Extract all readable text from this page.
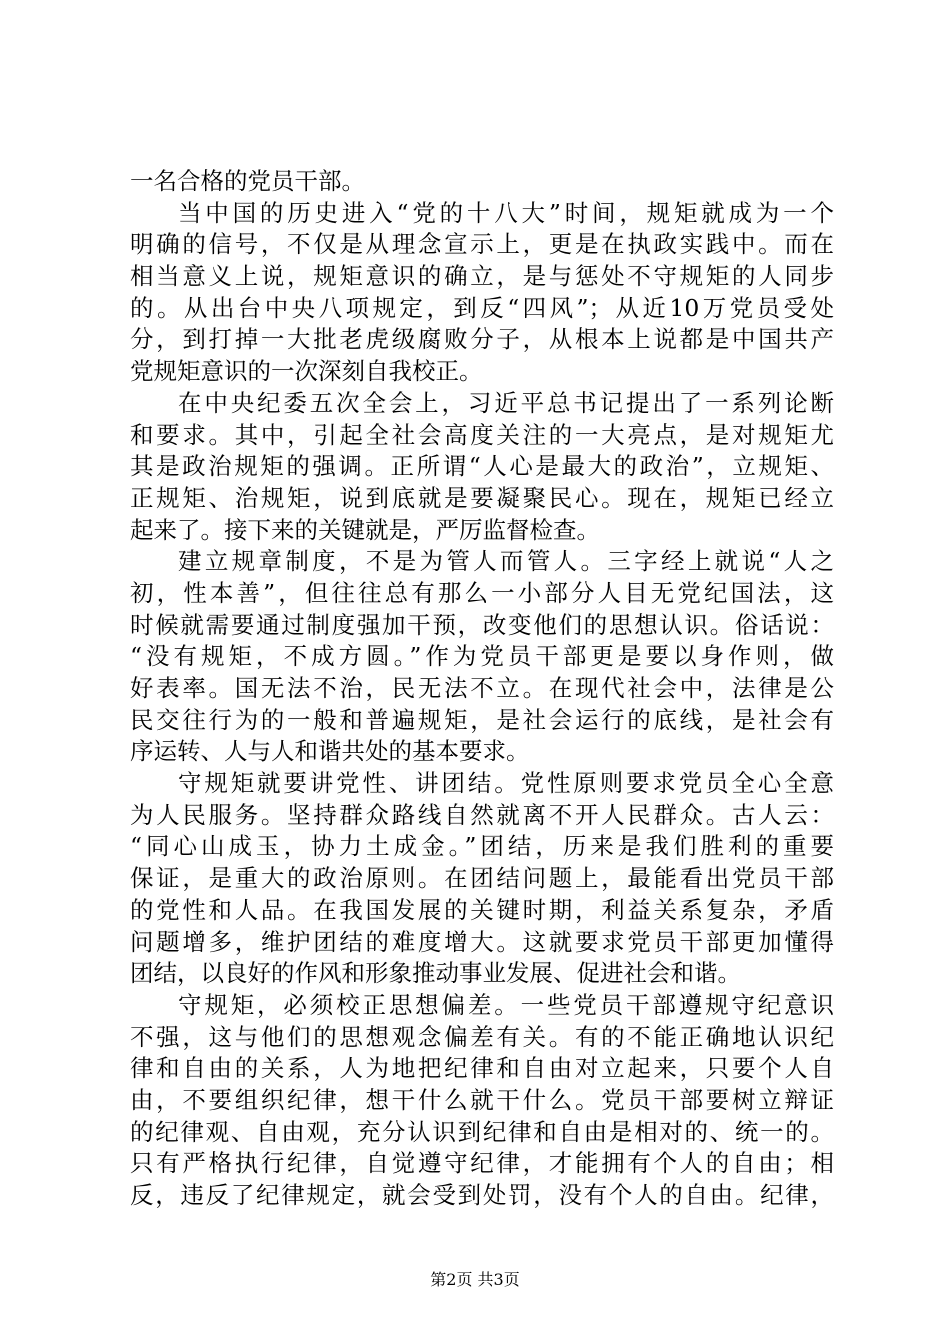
一名合格的党员干部。
当中国的历史进入“党的十八大”时间，规矩就成为一个
明确的信号，不仅是从理念宣示上，更是在执政实践中。而在
相当意义上说，规矩意识的确立，是与惩处不守规矩的人同步
的。从出台中央八项规定，到反“四风”；从近10万党员受处
分，到打掉一大批老虎级腐败分子，从根本上说都是中国共产
党规矩意识的一次深刻自我校正。
在中央纪委五次全会上，习近平总书记提出了一系列论断
和要求。其中，引起全社会高度关注的一大亮点，是对规矩尤
其是政治规矩的强调。正所谓“人心是最大的政治”，立规矩、
正规矩、治规矩，说到底就是要凝聚民心。现在，规矩已经立
起来了。接下来的关键就是，严厉监督检查。
建立规章制度，不是为管人而管人。三字经上就说“人之
初，性本善”，但往往总有那么一小部分人目无党纪国法，这
时候就需要通过制度强加干预，改变他们的思想认识。俗话说：
“没有规矩，不成方圆。”作为党员干部更是要以身作则，做
好表率。国无法不治，民无法不立。在现代社会中，法律是公
民交往行为的一般和普遍规矩，是社会运行的底线，是社会有
序运转、人与人和谐共处的基本要求。
守规矩就要讲党性、讲团结。党性原则要求党员全心全意
为人民服务。坚持群众路线自然就离不开人民群众。古人云：
“同心山成玉，协力土成金。”团结，历来是我们胜利的重要
保证，是重大的政治原则。在团结问题上，最能看出党员干部
的党性和人品。在我国发展的关键时期，利益关系复杂，矛盾
问题增多，维护团结的难度增大。这就要求党员干部更加懂得
团结，以良好的作风和形象推动事业发展、促进社会和谐。
守规矩，必须校正思想偏差。一些党员干部遵规守纪意识
不强，这与他们的思想观念偏差有关。有的不能正确地认识纪
律和自由的关系，人为地把纪律和自由对立起来，只要个人自
由，不要组织纪律，想干什么就干什么。党员干部要树立辩证
的纪律观、自由观，充分认识到纪律和自由是相对的、统一的。
只有严格执行纪律，自觉遵守纪律，才能拥有个人的自由；相
反，违反了纪律规定，就会受到处罚，没有个人的自由。纪律，
第2页 共3页
